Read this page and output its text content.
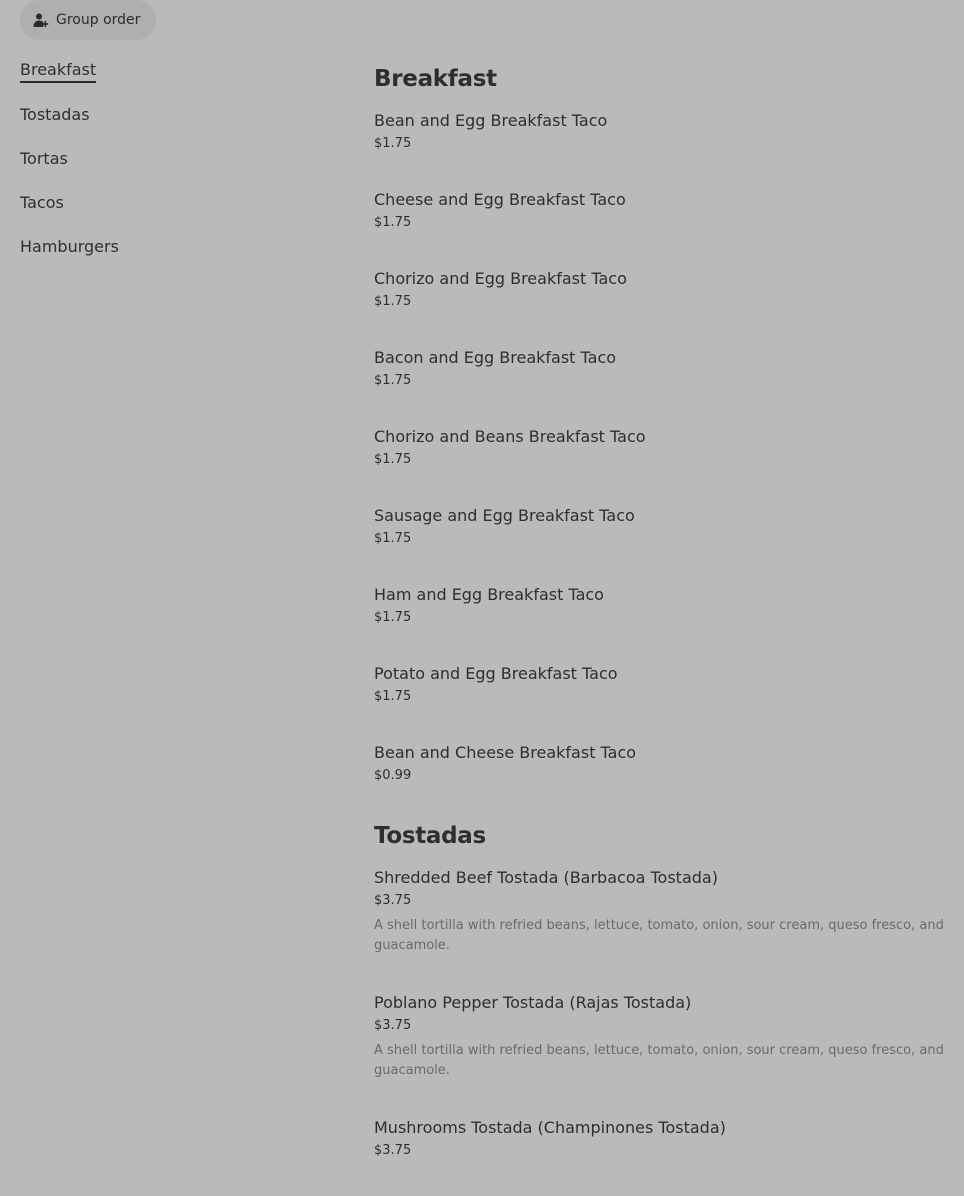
Group order
Breakfast
Tostadas
Tortas
Tacos
Hamburgers
Breakfast
Bean and Egg Breakfast Taco
$1.75
Cheese and Egg Breakfast Taco
$1.75
Chorizo and Egg Breakfast Taco
$1.75
Bacon and Egg Breakfast Taco
$1.75
Chorizo and Beans Breakfast Taco
$1.75
Sausage and Egg Breakfast Taco
$1.75
Ham and Egg Breakfast Taco
$1.75
Potato and Egg Breakfast Taco
$1.75
Bean and Cheese Breakfast Taco
$0.99
Tostadas
Shredded Beef Tostada (Barbacoa Tostada)
$3.75
A shell tortilla with refried beans, lettuce, tomato, onion, sour cream, queso fresco, and guacamole.
Poblano Pepper Tostada (Rajas Tostada)
$3.75
A shell tortilla with refried beans, lettuce, tomato, onion, sour cream, queso fresco, and guacamole.
Mushrooms Tostada (Champinones Tostada)
$3.75
